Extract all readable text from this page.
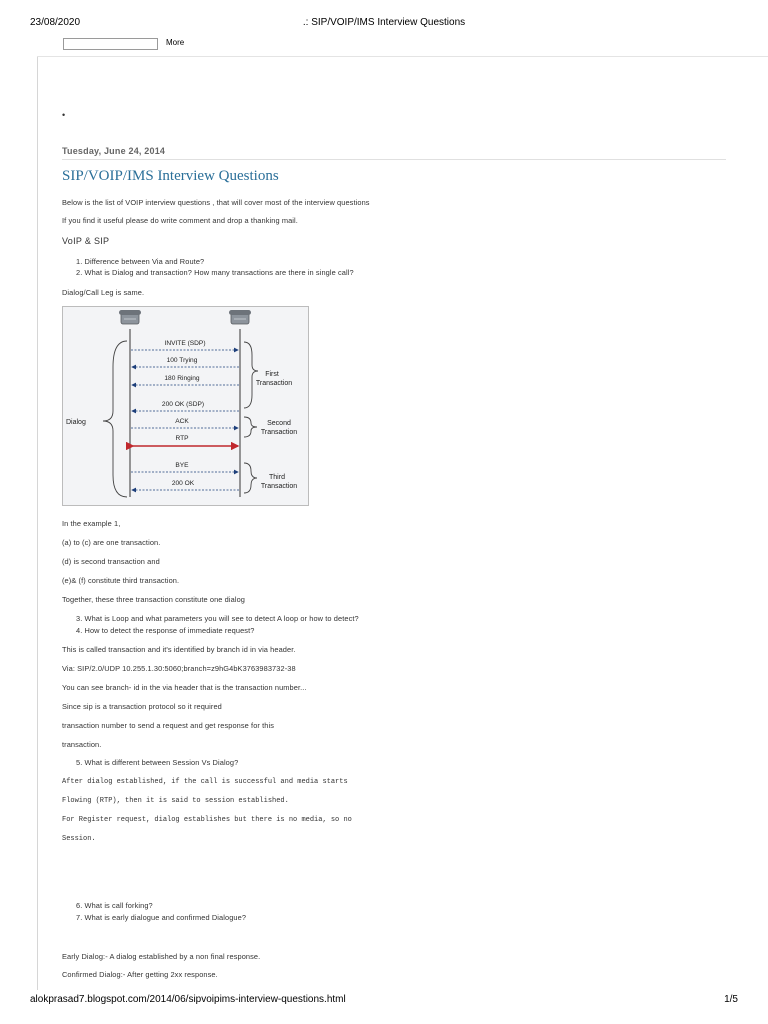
23/08/2020	.: SIP/VOIP/IMS Interview Questions
More
•
Tuesday, June 24, 2014
SIP/VOIP/IMS Interview Questions
Below is the list of VOIP interview questions , that will cover most of the interview questions
If you find it useful please do write comment and drop a thanking mail.
VoIP & SIP
1. Difference between Via and Route?
2. What is Dialog and transaction? How many transactions are there in single call?
Dialog/Call Leg is same.
INVITE (SDP)
100 Trying
180 Ringing
200 OK (SDP)
ACK
RTP
BYE
200 OK
Dialog
First
Transaction
Second
Transaction
Third
Transaction
In the example 1,
(a) to (c) are one transaction.
(d) is second transaction and
(e)& (f) constitute third transaction.
Together, these three transaction constitute one dialog
3. What is Loop and what parameters you will see to detect A loop or how to detect?
4. How to detect the response of immediate request?
This is called transaction and it's identified by branch id in via header.
Via: SIP/2.0/UDP 10.255.1.30:5060;branch=z9hG4bK3763983732-38
You can see branch- id in the via header that is the transaction number...
Since sip is a transaction protocol so it required
transaction number to send a request and get response for this
transaction.
5. What is different between Session Vs Dialog?
After dialog established, if the call is successful and media starts
Flowing (RTP), then it is said to session established.
For Register request, dialog establishes but there is no media, so no
Session.
6. What is call forking?
7. What is early dialogue and confirmed Dialogue?
Early Dialog:- A dialog established by a non final response.
Confirmed Dialog:- After getting 2xx response.
alokprasad7.blogspot.com/2014/06/sipvoipims-interview-questions.html	1/5
